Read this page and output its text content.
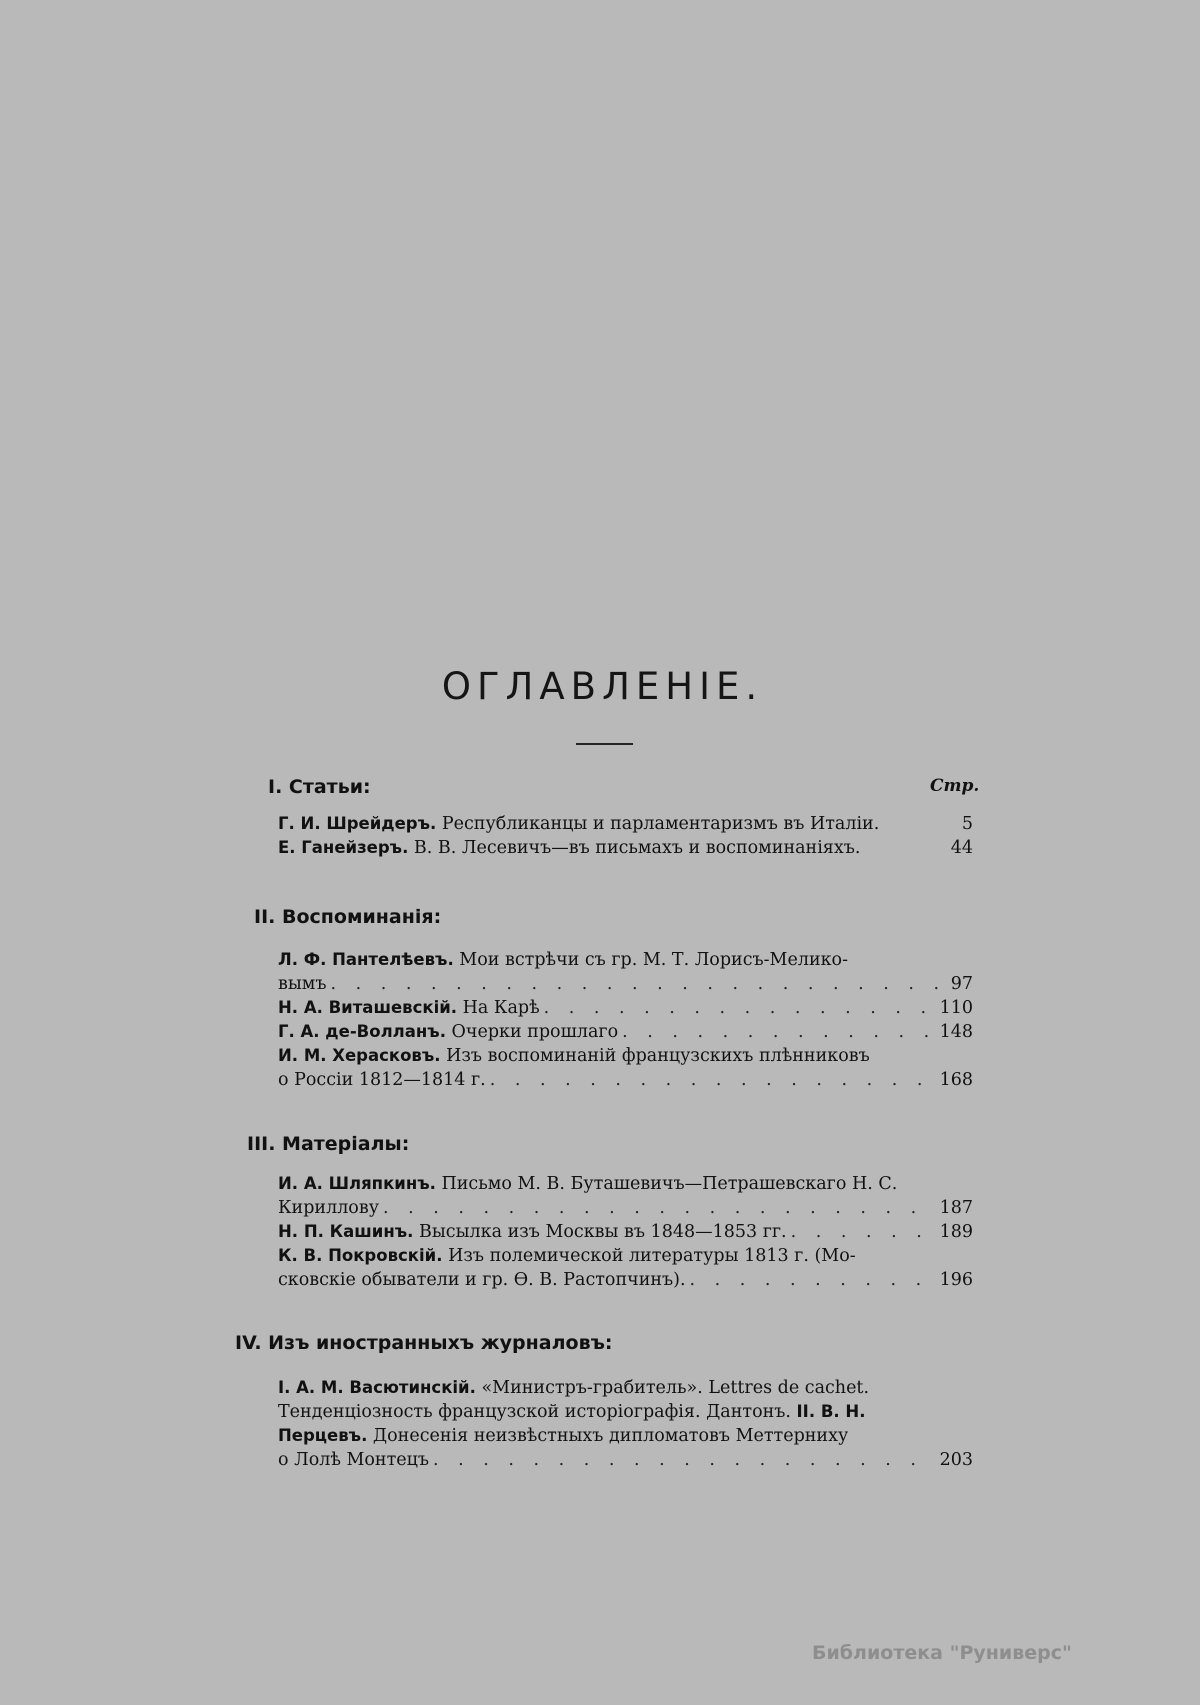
ОГЛАВЛЕНІЕ.
I. Статьи:	Стр.
Г. И. Шрейдеръ.
Республиканцы и парламентаризмъ въ Италіи.	5
Е. Ганейзеръ.
В. В. Лесевичъ—въ письмахъ и воспоминаніяхъ.	44
II. Воспоминанія:
Л. Ф. Пантелѣевъ.
Мои встрѣчи съ гр. М. Т. Лорисъ-Мелико-
вымъ . . .	97
Н. А. Виташевскій.
На Карѣ . . .	110
Г. А. де-Волланъ.
Очерки прошлаго . . .	148
И. М. Херасковъ.
Изъ воспоминаній французскихъ плѣнниковъ
о Россіи 1812—1814 г. . . .	168
III. Матеріалы:
И. А. Шляпкинъ.
Письмо М. В. Буташевичъ—Петрашевскаго Н. С.
Кириллову . . .	187
Н. П. Кашинъ.
Высылка изъ Москвы въ 1848—1853 гг. . . .	189
К. В. Покровскій.
Изъ полемической литературы 1813 г. (Мо-
сковскіе обыватели и гр. Ѳ. В. Растопчинъ). . . .	196
IV. Изъ иностранныхъ журналовъ:
I. А. М. Васютинскій.
«Министръ-грабитель». Lettres de cachet.
Тенденціозность французской исторіографія. Дантонъ.
II. В. Н.
Перцевъ.
Донесенія неизвѣстныхъ дипломатовъ Меттерниху
о Лолѣ Монтецъ . . .	203
Библиотека "Руниверс"
